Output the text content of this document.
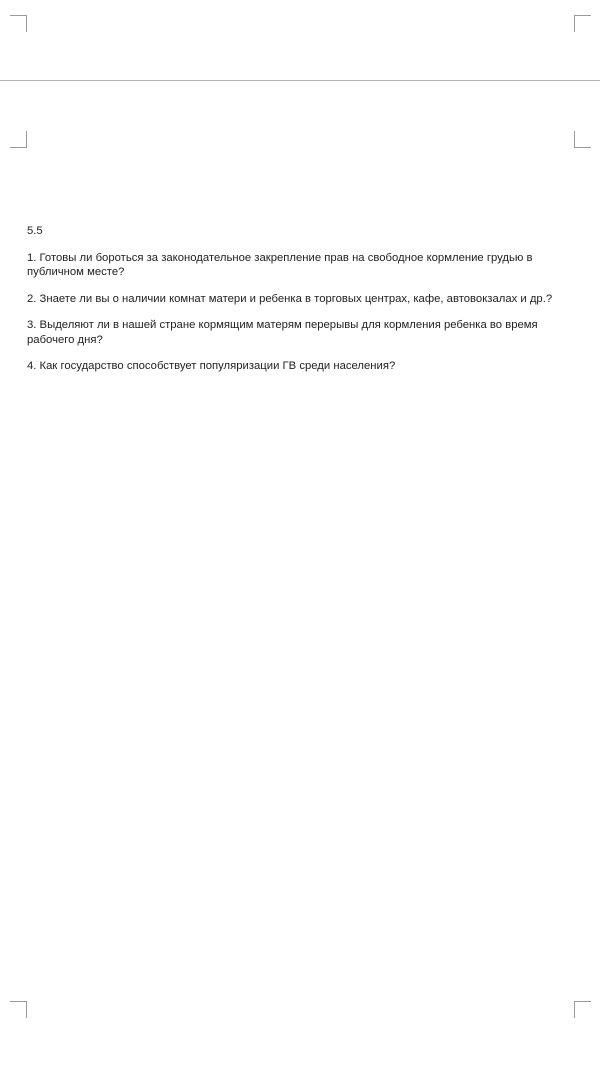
5.5

1. Готовы ли бороться за законодательное закрепление прав на свободное кормление грудью в публичном месте?

2. Знаете ли вы о наличии комнат матери и ребенка в торговых центрах, кафе, автовокзалах и др.?

3. Выделяют ли в нашей стране кормящим матерям перерывы для кормления ребенка во время рабочего дня?

4. Как государство способствует популяризации ГВ среди населения?
